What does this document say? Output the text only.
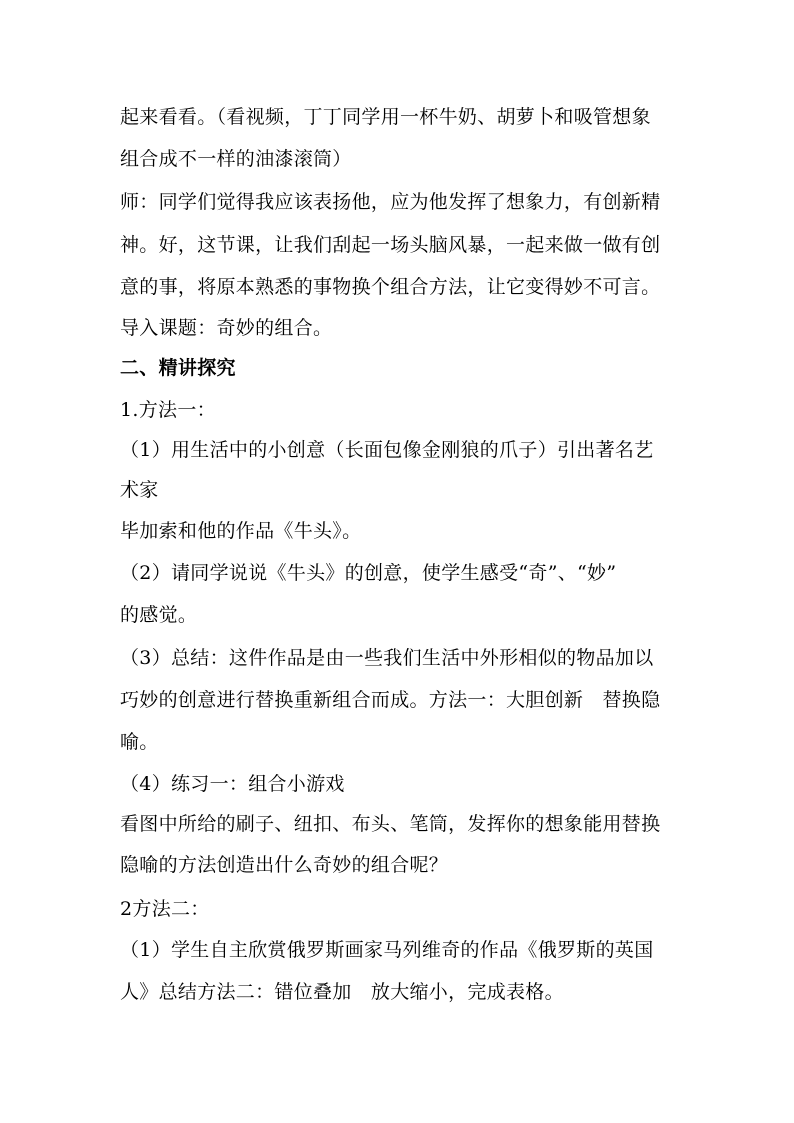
起来看看。（看视频，丁丁同学用一杯牛奶、胡萝卜和吸管想象
组合成不一样的油漆滚筒）
师：同学们觉得我应该表扬他，应为他发挥了想象力，有创新精
神。好，这节课，让我们刮起一场头脑风暴，一起来做一做有创
意的事，将原本熟悉的事物换个组合方法，让它变得妙不可言。
导入课题：奇妙的组合。
二、精讲探究
1.方法一：
（1）用生活中的小创意（长面包像金刚狼的爪子）引出著名艺
术家
毕加索和他的作品《牛头》。
（2）请同学说说《牛头》的创意，使学生感受“奇”、“妙”
的感觉。
（3）总结：这件作品是由一些我们生活中外形相似的物品加以
巧妙的创意进行替换重新组合而成。方法一：大胆创新　替换隐
喻。
（4）练习一：组合小游戏
看图中所给的刷子、纽扣、布头、笔筒，发挥你的想象能用替换
隐喻的方法创造出什么奇妙的组合呢？
2方法二：
（1）学生自主欣赏俄罗斯画家马列维奇的作品《俄罗斯的英国
人》总结方法二：错位叠加　放大缩小，完成表格。
